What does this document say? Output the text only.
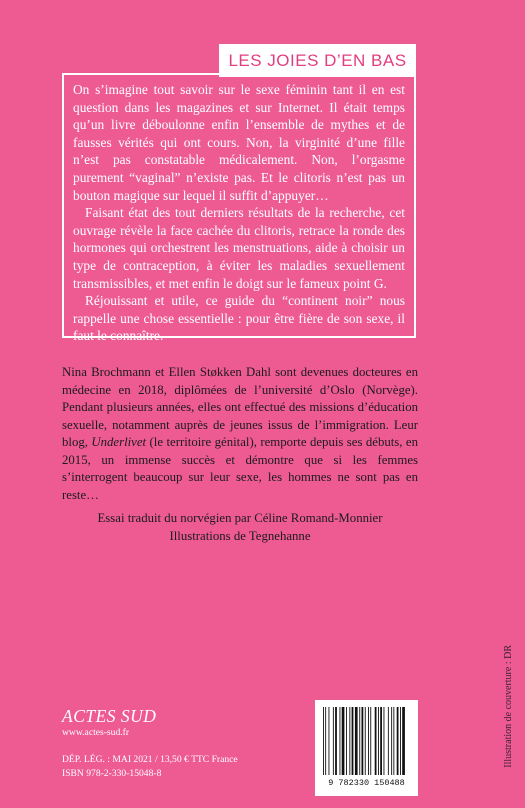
LES JOIES D’EN BAS

On s’imagine tout savoir sur le sexe féminin tant il en est question dans les magazines et sur Internet. Il était temps qu’un livre déboulonne enfin l’ensemble de mythes et de fausses vérités qui ont cours. Non, la virginité d’une fille n’est pas constatable médicalement. Non, l’orgasme purement “vaginal” n’existe pas. Et le clitoris n’est pas un bouton magique sur lequel il suffit d’appuyer…

Faisant état des tout derniers résultats de la recherche, cet ouvrage révèle la face cachée du clitoris, retrace la ronde des hormones qui orchestrent les menstruations, aide à choisir un type de contraception, à éviter les maladies sexuellement transmissibles, et met enfin le doigt sur le fameux point G.

Réjouissant et utile, ce guide du “continent noir” nous rappelle une chose essentielle : pour être fière de son sexe, il faut le connaître.

Nina Brochmann et Ellen Støkken Dahl sont devenues docteures en médecine en 2018, diplômées de l’université d’Oslo (Norvège). Pendant plusieurs années, elles ont effectué des missions d’éducation sexuelle, notamment auprès de jeunes issus de l’immigration. Leur blog, Underlivet (le territoire génital), remporte depuis ses débuts, en 2015, un immense succès et démontre que si les femmes s’interrogent beaucoup sur leur sexe, les hommes ne sont pas en reste…
Essai traduit du norvégien par Céline Romand-Monnier
Illustrations de Tegnehanne
Illustration de couverture : DR
ACTES SUD
www.actes-sud.fr
DÉP. LÉG. : MAI 2021 / 13,50 € TTC France
ISBN 978-2-330-15048-8
9 782330 150488
